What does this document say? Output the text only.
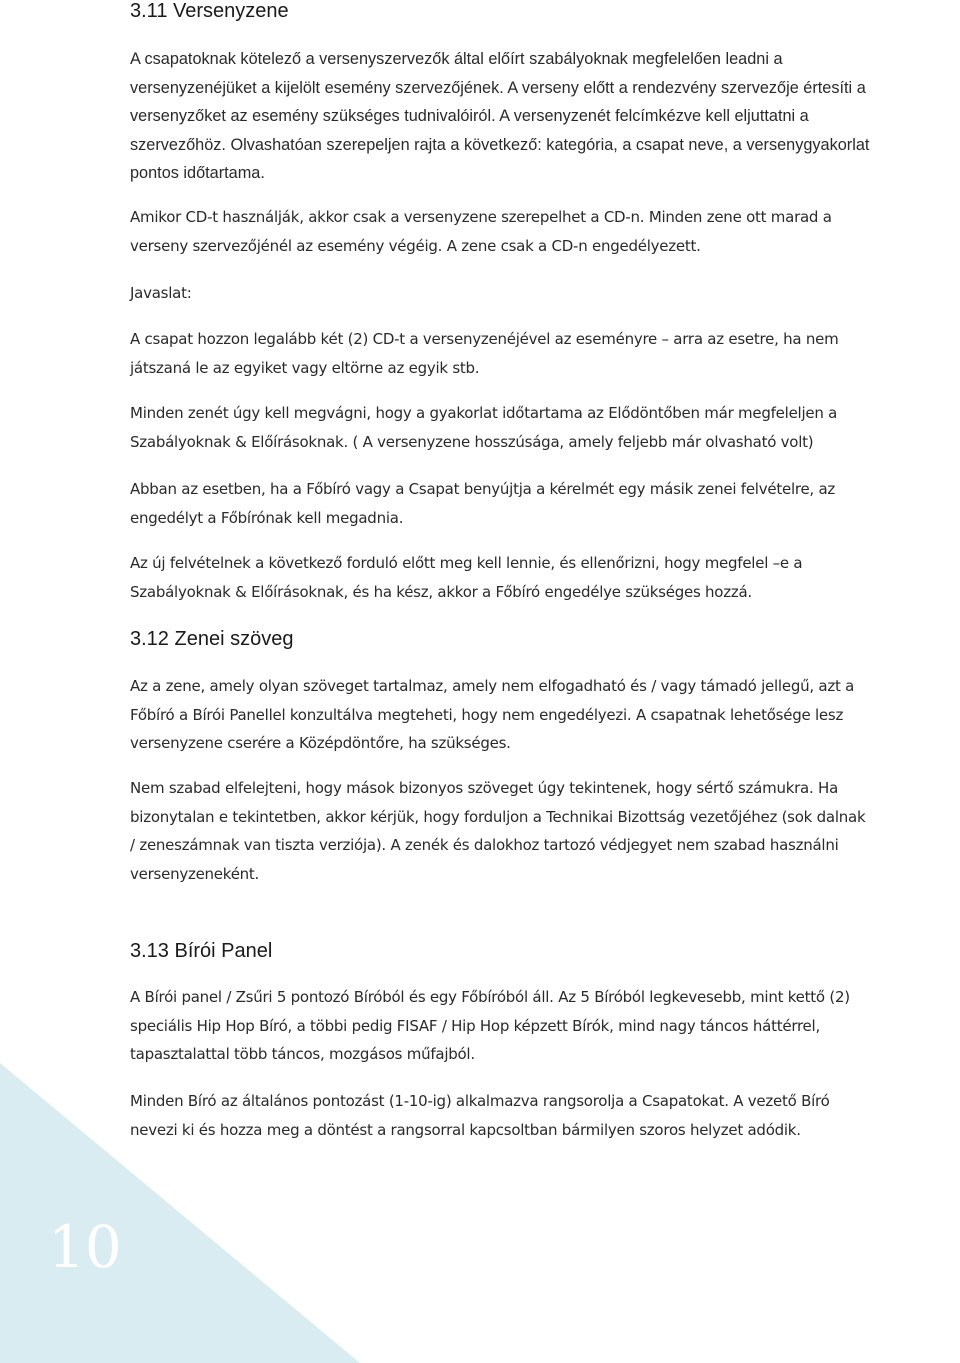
10
3.11 Versenyzene

A csapatoknak kötelező a versenyszervezők által előírt szabályoknak megfelelően leadni a
versenyzenéjüket a kijelölt esemény szervezőjének. A verseny előtt a rendezvény szervezője értesíti a
versenyzőket az esemény szükséges tudnivalóiról. A versenyzenét felcímkézve kell eljuttatni a
szervezőhöz. Olvashatóan szerepeljen rajta a következő: kategória, a csapat neve, a versenygyakorlat
pontos időtartama.

Amikor CD-t használják, akkor csak a versenyzene szerepelhet a CD-n. Minden zene ott marad a
verseny szervezőjénél az esemény végéig. A zene csak a CD-n engedélyezett.

Javaslat:

A csapat hozzon legalább két (2) CD-t a versenyzenéjével az eseményre – arra az esetre, ha nem
játszaná le az egyiket vagy eltörne az egyik stb.

Minden zenét úgy kell megvágni, hogy a gyakorlat időtartama az Elődöntőben már megfeleljen a
Szabályoknak & Előírásoknak. ( A versenyzene hosszúsága, amely feljebb már olvasható volt)

Abban az esetben, ha a Főbíró vagy a Csapat benyújtja a kérelmét egy másik zenei felvételre, az
engedélyt a Főbírónak kell megadnia.

Az új felvételnek a következő forduló előtt meg kell lennie, és ellenőrizni, hogy megfelel –e a
Szabályoknak & Előírásoknak, és ha kész, akkor a Főbíró engedélye szükséges hozzá.

3.12 Zenei szöveg

Az a zene, amely olyan szöveget tartalmaz, amely nem elfogadható és / vagy támadó jellegű, azt a
Főbíró a Bírói Panellel konzultálva megteheti, hogy nem engedélyezi. A csapatnak lehetősége lesz
versenyzene cserére a Középdöntőre, ha szükséges.

Nem szabad elfelejteni, hogy mások bizonyos szöveget úgy tekintenek, hogy sértő számukra. Ha
bizonytalan e tekintetben, akkor kérjük, hogy forduljon a Technikai Bizottság vezetőjéhez (sok dalnak
/ zeneszámnak van tiszta verziója). A zenék és dalokhoz tartozó védjegyet nem szabad használni
versenyzeneként.

3.13 Bírói Panel

A Bírói panel / Zsűri 5 pontozó Bíróból és egy Főbíróból áll. Az 5 Bíróból legkevesebb, mint kettő (2)
speciális Hip Hop Bíró, a többi pedig FISAF / Hip Hop képzett Bírók, mind nagy táncos háttérrel,
tapasztalattal több táncos, mozgásos műfajból.

Minden Bíró az általános pontozást (1-10-ig) alkalmazva rangsorolja a Csapatokat. A vezető Bíró
nevezi ki és hozza meg a döntést a rangsorral kapcsoltban bármilyen szoros helyzet adódik.
